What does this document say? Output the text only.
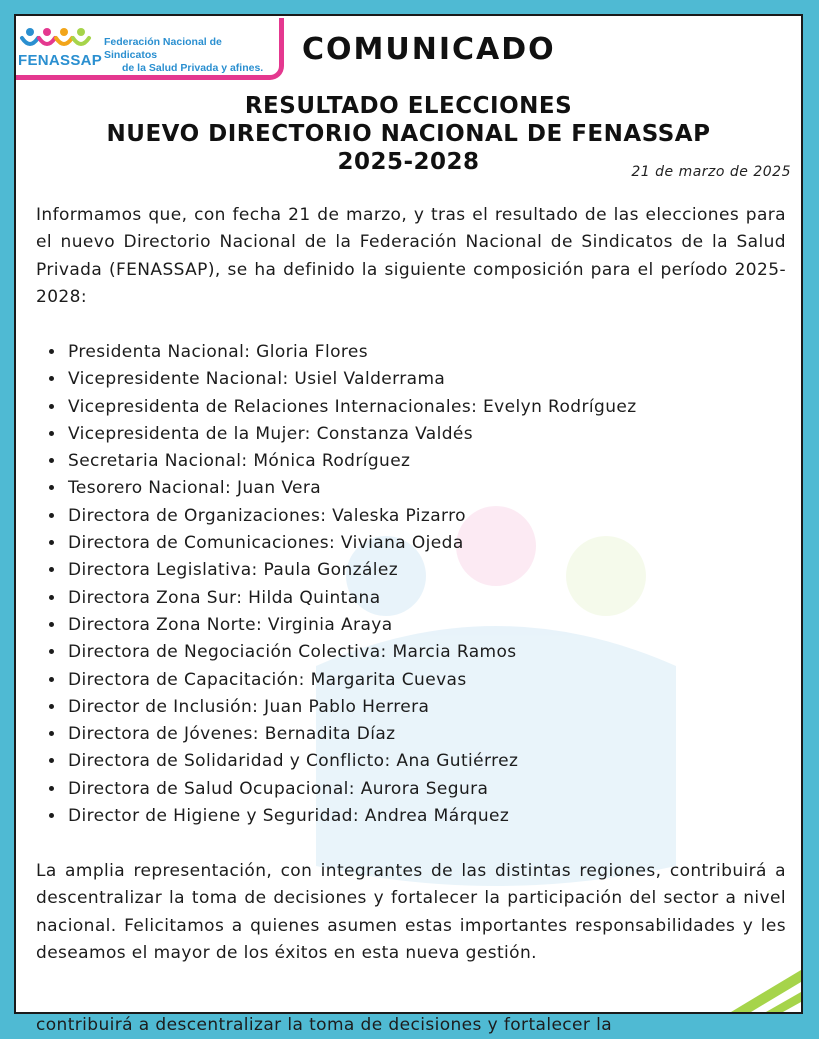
FENASSAP
Federación Nacional de Sindicatos
de la Salud Privada y afines.
COMUNICADO
RESULTADO ELECCIONES
NUEVO DIRECTORIO NACIONAL DE FENASSAP
2025-2028	21 de marzo de 2025
Informamos que, con fecha 21 de marzo, y tras el resultado de las elecciones para el nuevo Directorio Nacional de la Federación Nacional de Sindicatos de la Salud Privada (FENASSAP), se ha definido la siguiente composición para el período 2025-2028:
• Presidenta Nacional: Gloria Flores
• Vicepresidente Nacional: Usiel Valderrama
• Vicepresidenta de Relaciones Internacionales: Evelyn Rodríguez
• Vicepresidenta de la Mujer: Constanza Valdés
• Secretaria Nacional: Mónica Rodríguez
• Tesorero Nacional: Juan Vera
• Directora de Organizaciones: Valeska Pizarro
• Directora de Comunicaciones: Viviana Ojeda
• Directora Legislativa: Paula González
• Directora Zona Sur: Hilda Quintana
• Directora Zona Norte: Virginia Araya
• Directora de Negociación Colectiva: Marcia Ramos
• Directora de Capacitación: Margarita Cuevas
• Director de Inclusión: Juan Pablo Herrera
• Directora de Jóvenes: Bernadita Díaz
• Directora de Solidaridad y Conflicto: Ana Gutiérrez
• Directora de Salud Ocupacional: Aurora Segura
• Director de Higiene y Seguridad: Andrea Márquez
La amplia representación, con integrantes de las distintas regiones, contribuirá a descentralizar la toma de decisiones y fortalecer la participación del sector a nivel nacional. Felicitamos a quienes asumen estas importantes responsabilidades y les deseamos el mayor de los éxitos en esta nueva gestión.
contribuirá a descentralizar la toma de decisiones y fortalecer la
